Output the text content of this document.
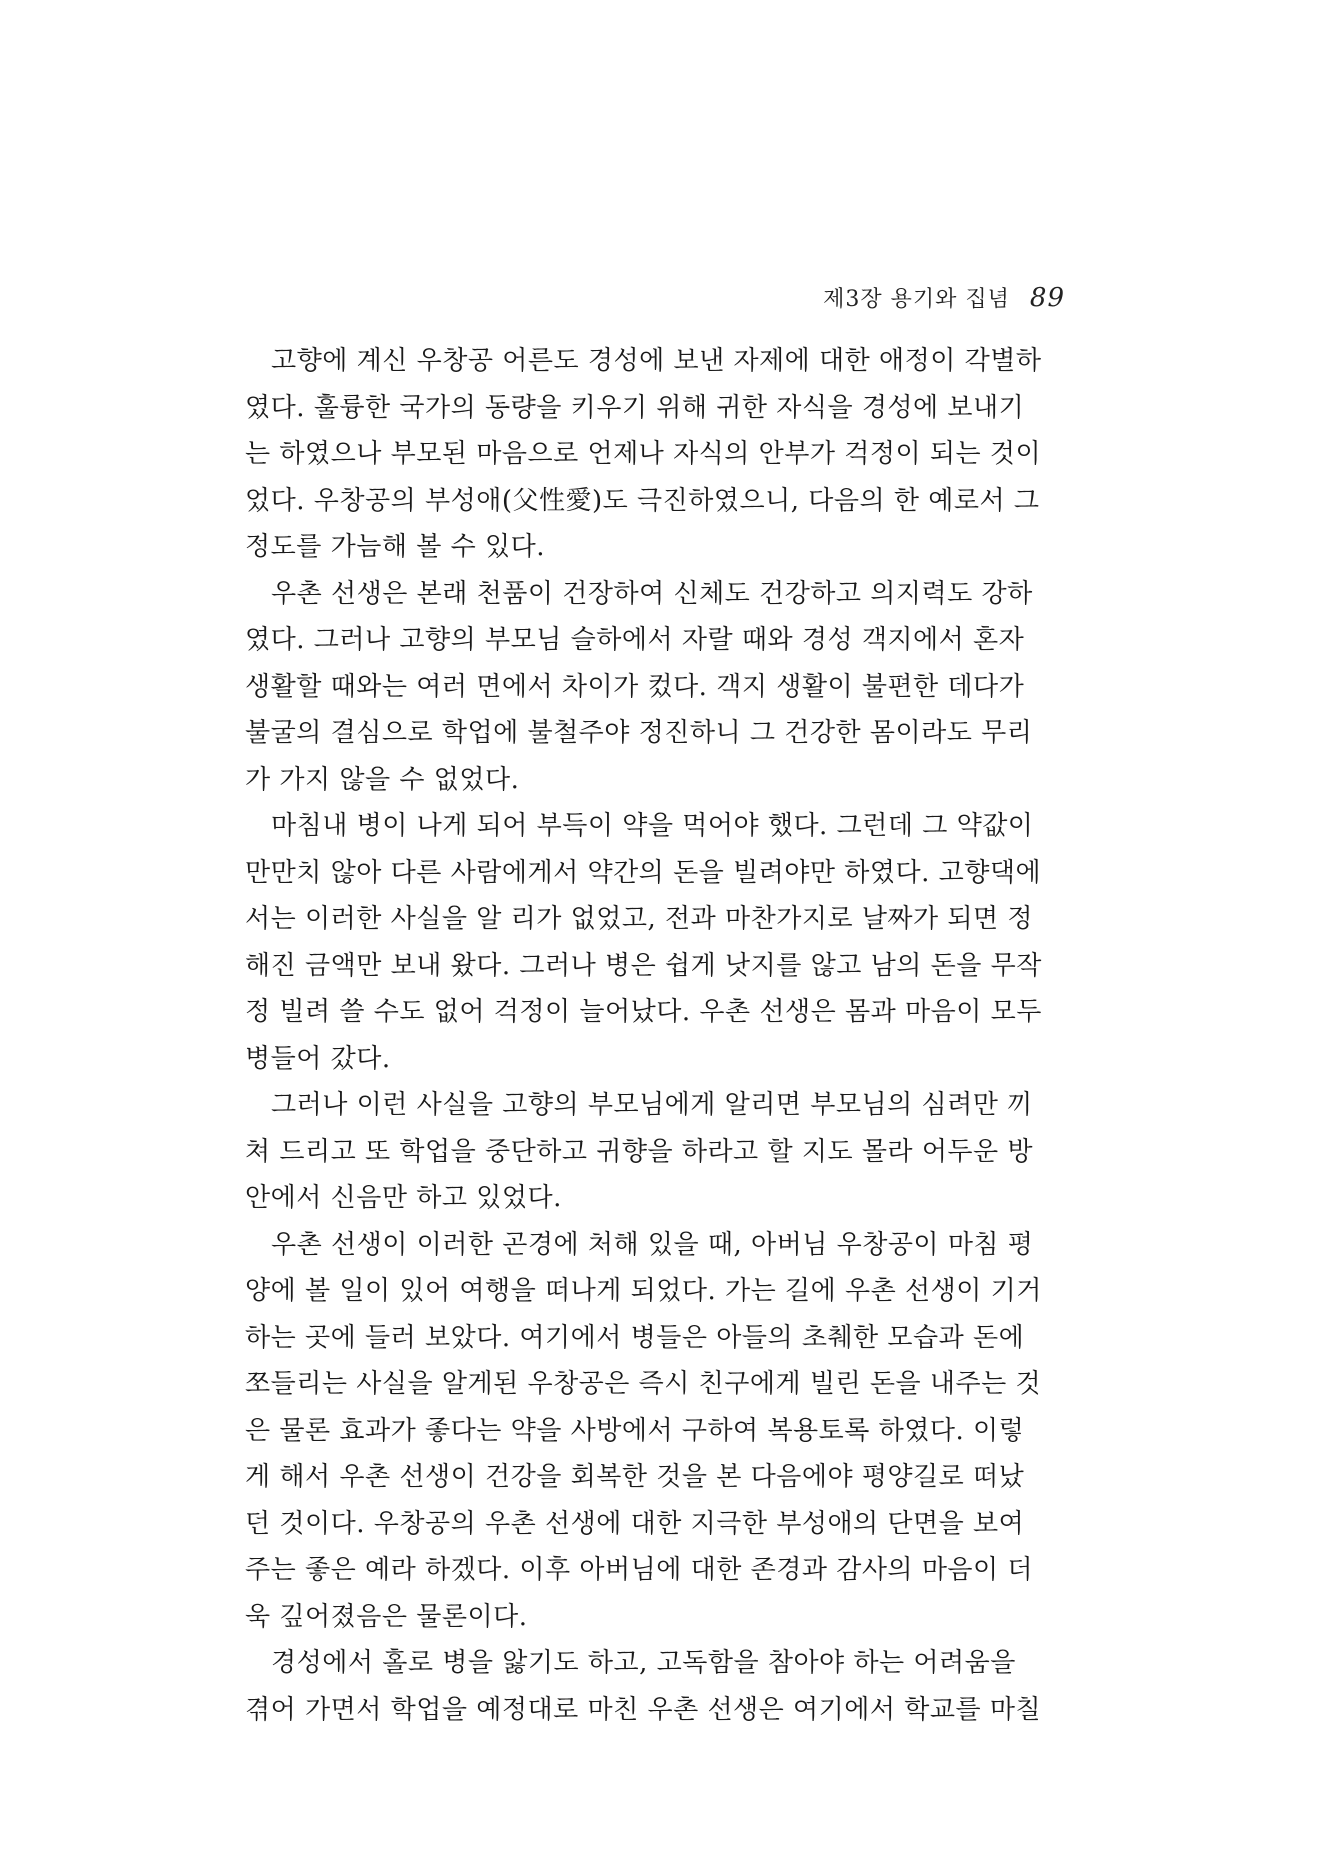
제3장 용기와 집념 89
고향에 계신 우창공 어른도 경성에 보낸 자제에 대한 애정이 각별하
였다. 훌륭한 국가의 동량을 키우기 위해 귀한 자식을 경성에 보내기
는 하였으나 부모된 마음으로 언제나 자식의 안부가 걱정이 되는 것이
었다. 우창공의 부성애(父性愛)도 극진하였으니, 다음의 한 예로서 그
정도를 가늠해 볼 수 있다.
우촌 선생은 본래 천품이 건장하여 신체도 건강하고 의지력도 강하
였다. 그러나 고향의 부모님 슬하에서 자랄 때와 경성 객지에서 혼자
생활할 때와는 여러 면에서 차이가 컸다. 객지 생활이 불편한 데다가
불굴의 결심으로 학업에 불철주야 정진하니 그 건강한 몸이라도 무리
가 가지 않을 수 없었다.
마침내 병이 나게 되어 부득이 약을 먹어야 했다. 그런데 그 약값이
만만치 않아 다른 사람에게서 약간의 돈을 빌려야만 하였다. 고향댁에
서는 이러한 사실을 알 리가 없었고, 전과 마찬가지로 날짜가 되면 정
해진 금액만 보내 왔다. 그러나 병은 쉽게 낫지를 않고 남의 돈을 무작
정 빌려 쓸 수도 없어 걱정이 늘어났다. 우촌 선생은 몸과 마음이 모두
병들어 갔다.
그러나 이런 사실을 고향의 부모님에게 알리면 부모님의 심려만 끼
쳐 드리고 또 학업을 중단하고 귀향을 하라고 할 지도 몰라 어두운 방
안에서 신음만 하고 있었다.
우촌 선생이 이러한 곤경에 처해 있을 때, 아버님 우창공이 마침 평
양에 볼 일이 있어 여행을 떠나게 되었다. 가는 길에 우촌 선생이 기거
하는 곳에 들러 보았다. 여기에서 병들은 아들의 초췌한 모습과 돈에
쪼들리는 사실을 알게된 우창공은 즉시 친구에게 빌린 돈을 내주는 것
은 물론 효과가 좋다는 약을 사방에서 구하여 복용토록 하였다. 이렇
게 해서 우촌 선생이 건강을 회복한 것을 본 다음에야 평양길로 떠났
던 것이다. 우창공의 우촌 선생에 대한 지극한 부성애의 단면을 보여
주는 좋은 예라 하겠다. 이후 아버님에 대한 존경과 감사의 마음이 더
욱 깊어졌음은 물론이다.
경성에서 홀로 병을 앓기도 하고, 고독함을 참아야 하는 어려움을
겪어 가면서 학업을 예정대로 마친 우촌 선생은 여기에서 학교를 마칠
